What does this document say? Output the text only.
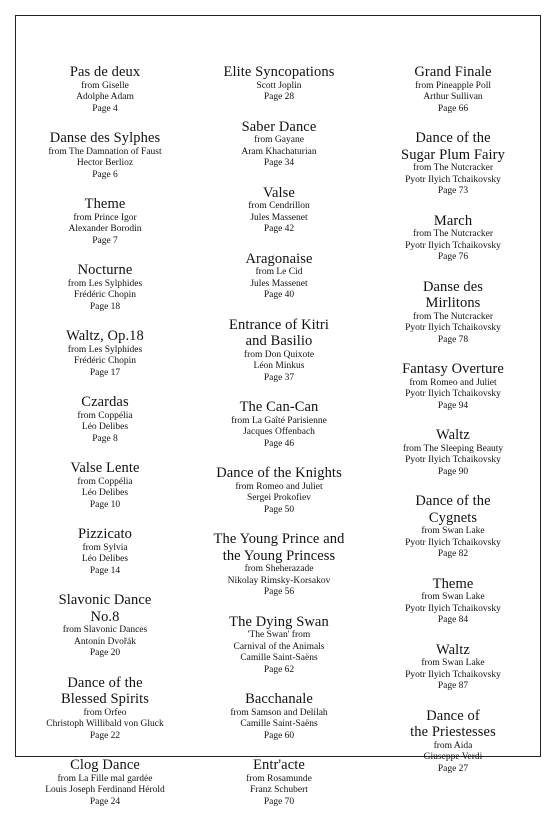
Pas de deux
from Giselle
Adolphe Adam
Page 4
Danse des Sylphes
from The Damnation of Faust
Hector Berlioz
Page 6
Theme
from Prince Igor
Alexander Borodin
Page 7
Nocturne
from Les Sylphides
Frédéric Chopin
Page 18
Waltz, Op.18
from Les Sylphides
Frédéric Chopin
Page 17
Czardas
from Coppélia
Léo Delibes
Page 8
Valse Lente
from Coppélia
Léo Delibes
Page 10
Pizzicato
from Sylvia
Léo Delibes
Page 14
Slavonic Dance
No.8
from Slavonic Dances
Antonín Dvořák
Page 20
Dance of the
Blessed Spirits
from Orfeo
Christoph Willibald von Gluck
Page 22
Clog Dance
from La Fille mal gardée
Louis Joseph Ferdinand Hérold
Page 24
Elite Syncopations
Scott Joplin
Page 28
Saber Dance
from Gayane
Aram Khachaturian
Page 34
Valse
from Cendrillon
Jules Massenet
Page 42
Aragonaise
from Le Cid
Jules Massenet
Page 40
Entrance of Kitri
and Basilio
from Don Quixote
Léon Minkus
Page 37
The Can-Can
from La Gaîté Parisienne
Jacques Offenbach
Page 46
Dance of the Knights
from Romeo and Juliet
Sergei Prokofiev
Page 50
The Young Prince and
the Young Princess
from Sheherazade
Nikolay Rimsky-Korsakov
Page 56
The Dying Swan
'The Swan' from
Carnival of the Animals
Camille Saint-Saëns
Page 62
Bacchanale
from Samson and Delilah
Camille Saint-Saëns
Page 60
Entr'acte
from Rosamunde
Franz Schubert
Page 70
Grand Finale
from Pineapple Poll
Arthur Sullivan
Page 66
Dance of the
Sugar Plum Fairy
from The Nutcracker
Pyotr Ilyich Tchaikovsky
Page 73
March
from The Nutcracker
Pyotr Ilyich Tchaikovsky
Page 76
Danse des
Mirlitons
from The Nutcracker
Pyotr Ilyich Tchaikovsky
Page 78
Fantasy Overture
from Romeo and Juliet
Pyotr Ilyich Tchaikovsky
Page 94
Waltz
from The Sleeping Beauty
Pyotr Ilyich Tchaikovsky
Page 90
Dance of the
Cygnets
from Swan Lake
Pyotr Ilyich Tchaikovsky
Page 82
Theme
from Swan Lake
Pyotr Ilyich Tchaikovsky
Page 84
Waltz
from Swan Lake
Pyotr Ilyich Tchaikovsky
Page 87
Dance of
the Priestesses
from Aida
Giuseppe Verdi
Page 27
